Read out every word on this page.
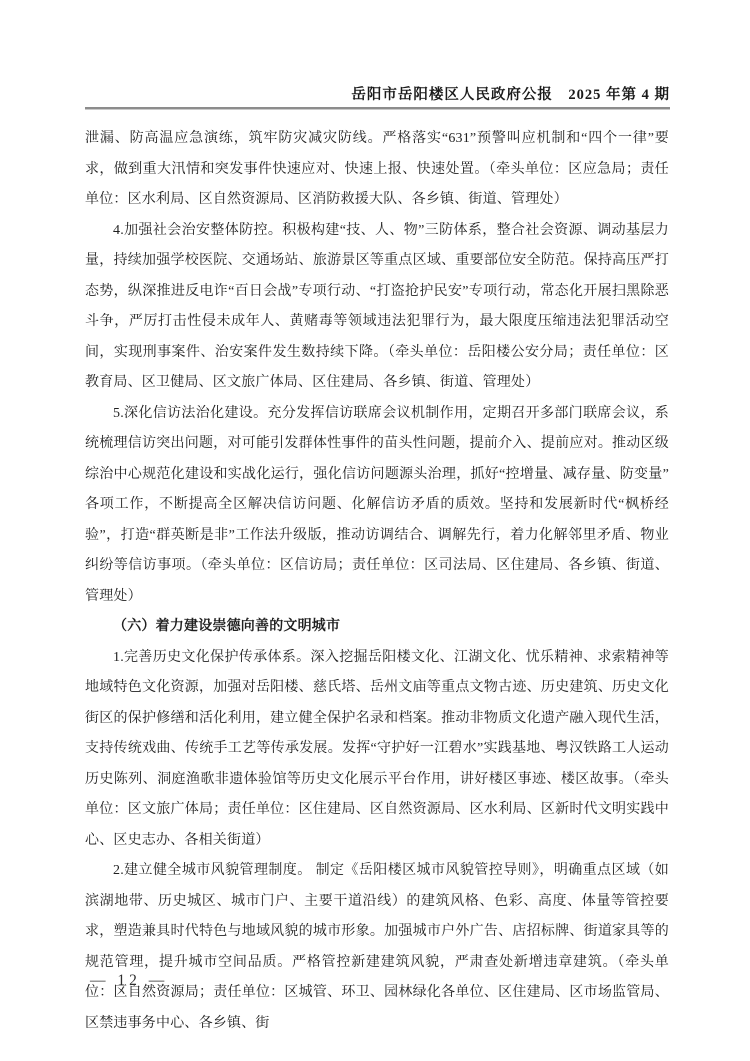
岳阳市岳阳楼区人民政府公报　2025 年第 4 期

泄漏、防高温应急演练，筑牢防灾减灾防线。严格落实“631”预警叫应机制和“四个一律”要求，做到重大汛情和突发事件快速应对、快速上报、快速处置。（牵头单位：区应急局；责任单位：区水利局、区自然资源局、区消防救援大队、各乡镇、街道、管理处）

4.加强社会治安整体防控。积极构建“技、人、物”三防体系，整合社会资源、调动基层力量，持续加强学校医院、交通场站、旅游景区等重点区域、重要部位安全防范。保持高压严打态势，纵深推进反电诈“百日会战”专项行动、“打盗抢护民安”专项行动，常态化开展扫黑除恶斗争，严厉打击性侵未成年人、黄赌毒等领域违法犯罪行为，最大限度压缩违法犯罪活动空间，实现刑事案件、治安案件发生数持续下降。（牵头单位：岳阳楼公安分局；责任单位：区教育局、区卫健局、区文旅广体局、区住建局、各乡镇、街道、管理处）

5.深化信访法治化建设。充分发挥信访联席会议机制作用，定期召开多部门联席会议，系统梳理信访突出问题，对可能引发群体性事件的苗头性问题，提前介入、提前应对。推动区级综治中心规范化建设和实战化运行，强化信访问题源头治理，抓好“控增量、减存量、防变量”各项工作，不断提高全区解决信访问题、化解信访矛盾的质效。坚持和发展新时代“枫桥经验”，打造“群英断是非”工作法升级版，推动访调结合、调解先行，着力化解邻里矛盾、物业纠纷等信访事项。（牵头单位：区信访局；责任单位：区司法局、区住建局、各乡镇、街道、管理处）

（六）着力建设崇德向善的文明城市

1.完善历史文化保护传承体系。深入挖掘岳阳楼文化、江湖文化、忧乐精神、求索精神等地域特色文化资源，加强对岳阳楼、慈氏塔、岳州文庙等重点文物古迹、历史建筑、历史文化街区的保护修缮和活化利用，建立健全保护名录和档案。推动非物质文化遗产融入现代生活，支持传统戏曲、传统手工艺等传承发展。发挥“守护好一江碧水”实践基地、粤汉铁路工人运动历史陈列、洞庭渔歌非遗体验馆等历史文化展示平台作用，讲好楼区事迹、楼区故事。（牵头单位：区文旅广体局；责任单位：区住建局、区自然资源局、区水利局、区新时代文明实践中心、区史志办、各相关街道）

2.建立健全城市风貌管理制度。 制定《岳阳楼区城市风貌管控导则》，明确重点区域（如滨湖地带、历史城区、城市门户、主要干道沿线）的建筑风格、色彩、高度、体量等管控要求，塑造兼具时代特色与地域风貌的城市形象。加强城市户外广告、店招标牌、街道家具等的规范管理，提升城市空间品质。严格管控新建建筑风貌，严肃查处新增违章建筑。（牵头单位：区自然资源局；责任单位：区城管、环卫、园林绿化各单位、区住建局、区市场监管局、区禁违事务中心、各乡镇、街

— 12 —
